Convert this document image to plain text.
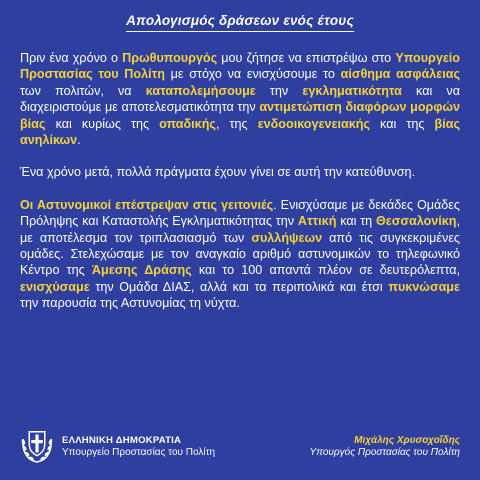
Απολογισμός δράσεων ενός έτους

Πριν ένα χρόνο ο Πρωθυπουργός μου ζήτησε να επιστρέψω στο Υπουργείο Προστασίας του Πολίτη με στόχο να ενισχύσουμε το αίσθημα ασφάλειας των πολιτών, να καταπολεμήσουμε την εγκληματικότητα και να διαχειριστούμε με αποτελεσματικότητα την αντιμετώπιση διαφόρων μορφών βίας και κυρίως της οπαδικής, της ενδοοικογενειακής και της βίας ανηλίκων.

Ένα χρόνο μετά, πολλά πράγματα έχουν γίνει σε αυτή την κατεύθυνση.

Οι Αστυνομικοί επέστρεψαν στις γειτονιές. Ενισχύσαμε με δεκάδες Ομάδες Πρόληψης και Καταστολής Εγκληματικότητας την Αττική και τη Θεσσαλονίκη, με αποτέλεσμα τον τριπλασιασμό των συλλήψεων από τις συγκεκριμένες ομάδες. Στελεχώσαμε με τον αναγκαίο αριθμό αστυνομικών το τηλεφωνικό Κέντρο της Άμεσης Δράσης και το 100 απαντά πλέον σε δευτερόλεπτα, ενισχύσαμε την Ομάδα ΔΙΑΣ, αλλά και τα περιπολικά και έτσι πυκνώσαμε την παρουσία της Αστυνομίας τη νύχτα.

ΕΛΛΗΝΙΚΗ ΔΗΜΟΚΡΑΤΙΑ
Υπουργείο Προστασίας του Πολίτη
Μιχάλης Χρυσοχοΐδης
Υπουργός Προστασίας του Πολίτη
